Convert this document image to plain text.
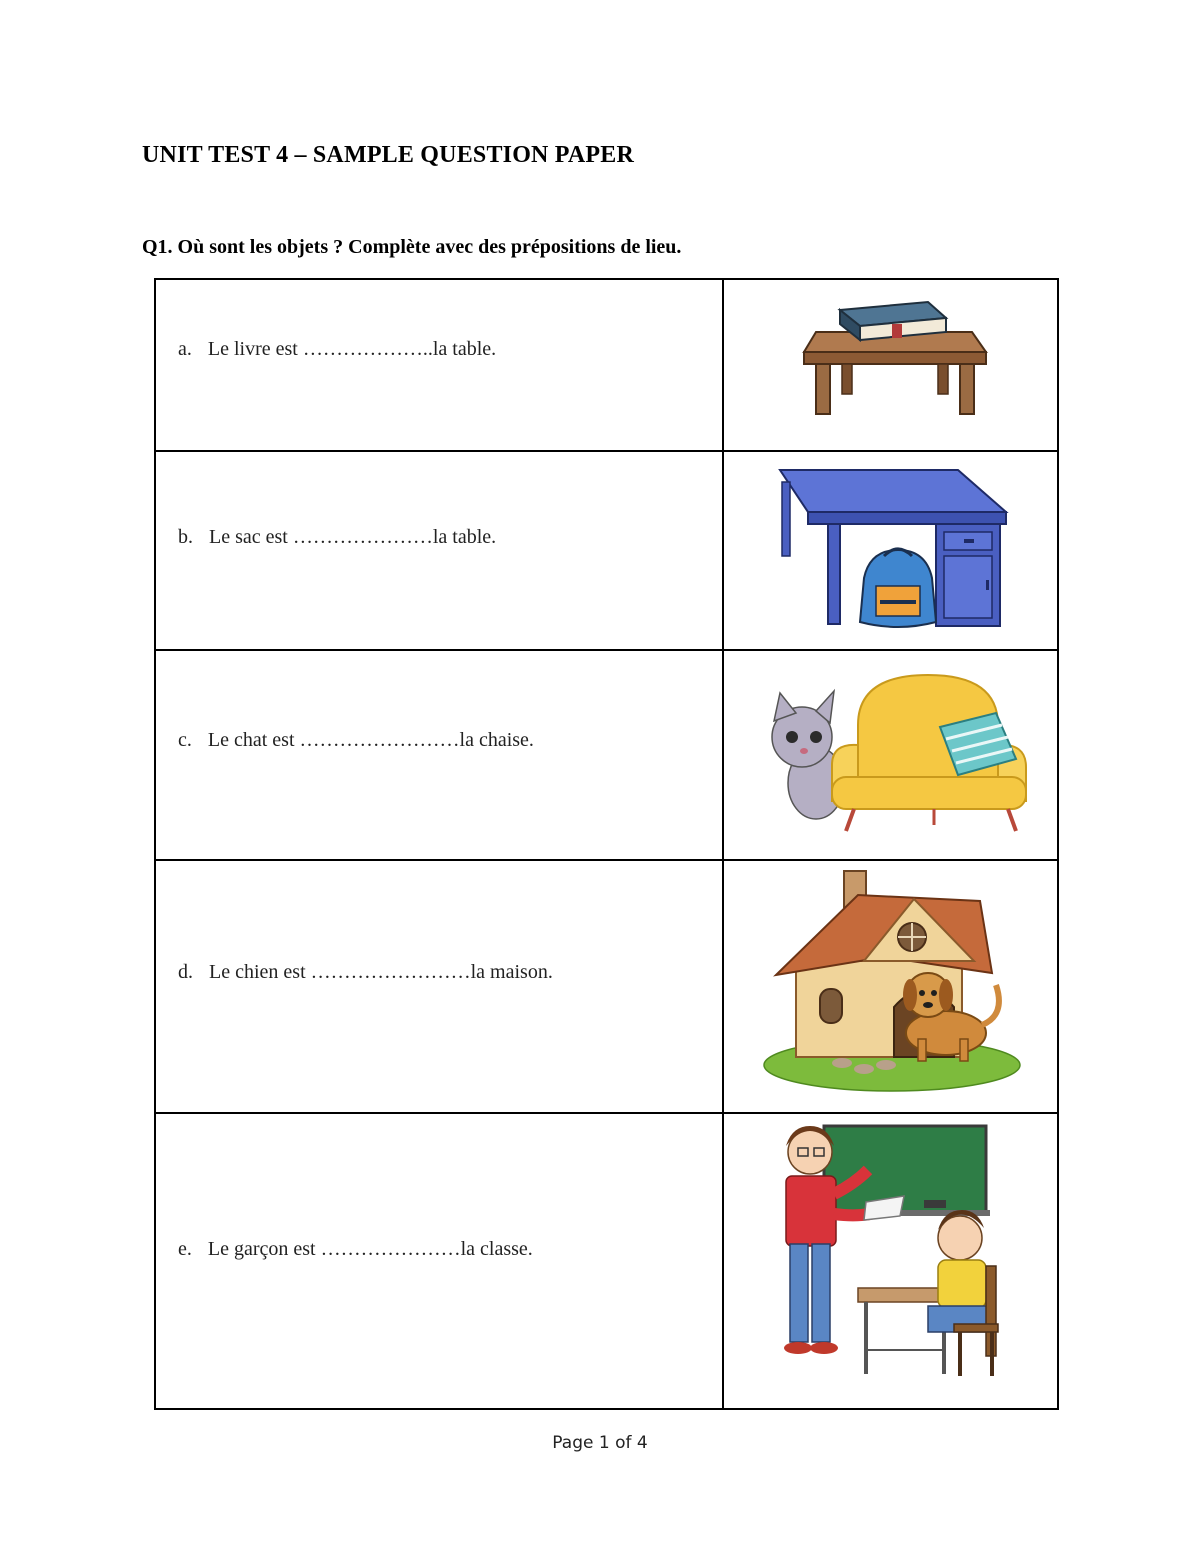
UNIT TEST 4 – SAMPLE QUESTION PAPER
Q1. Où sont les objets ? Complète avec des prépositions de lieu.
a. Le livre est ………………..la table.
b. Le sac est …………………la table.
c. Le chat est ……………………la chaise.
d. Le chien est ……………………la maison.
e. Le garçon est …………………la classe.
Page 1 of 4
